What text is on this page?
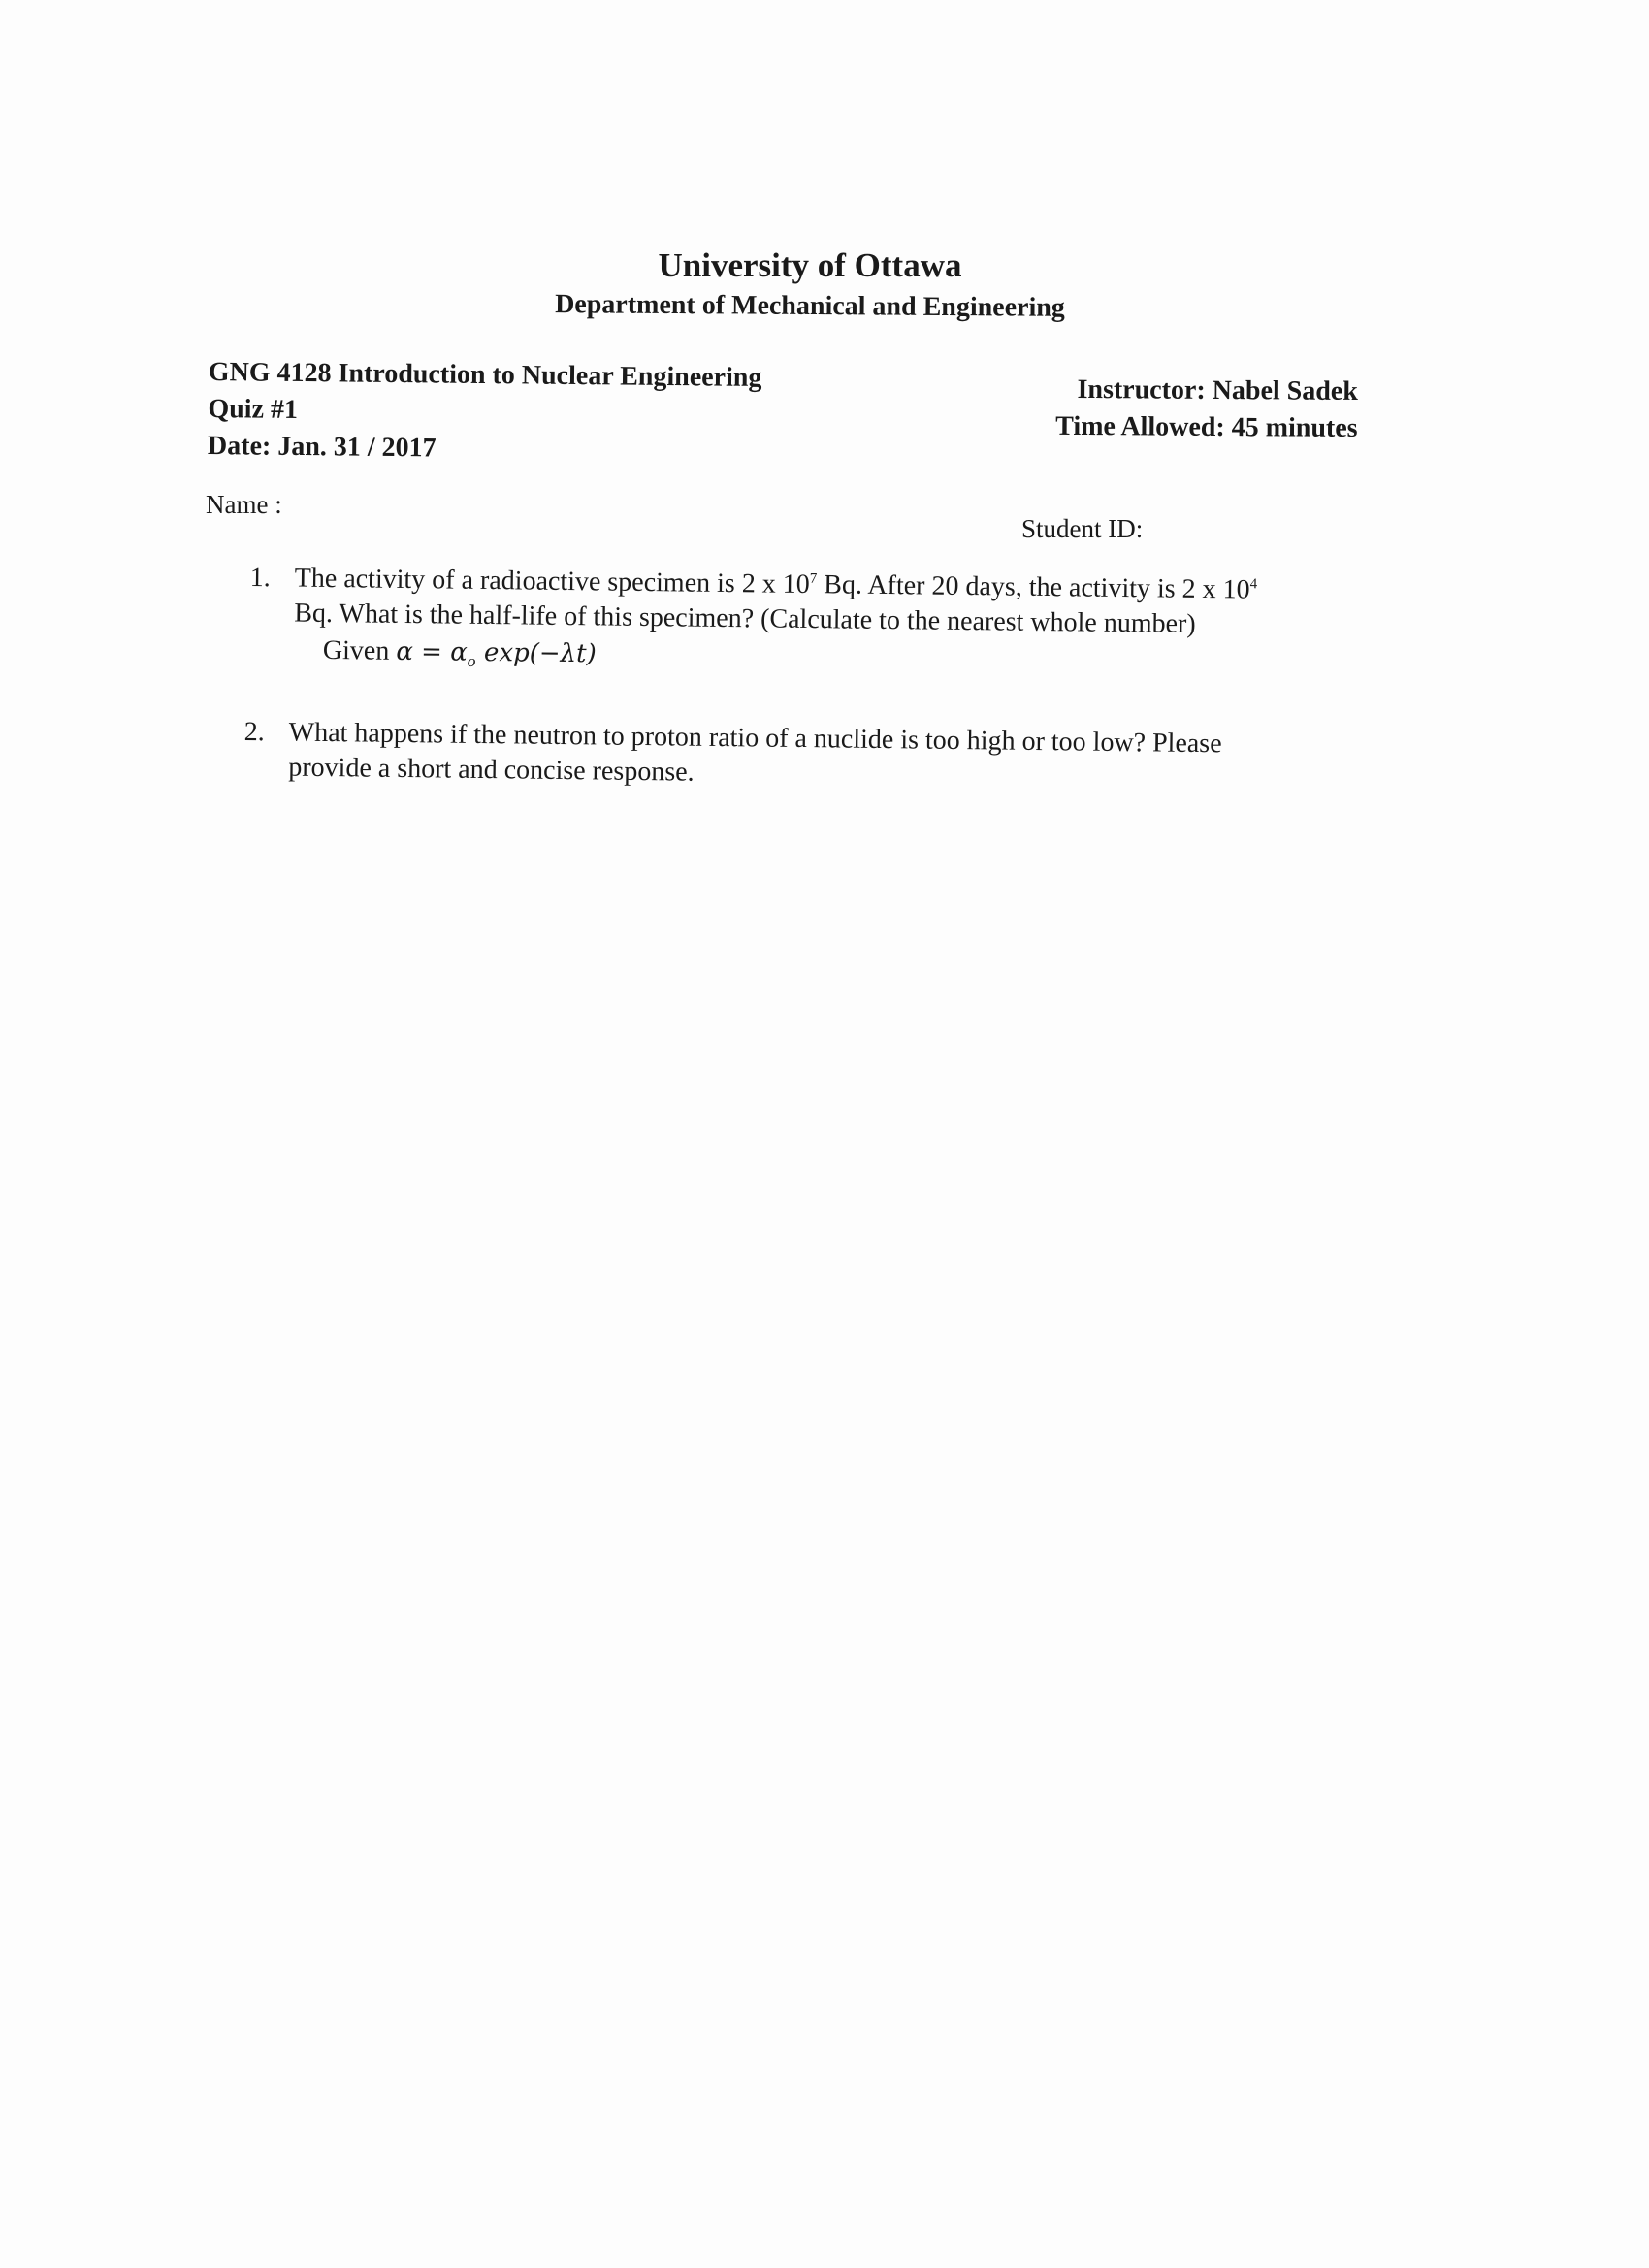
University of Ottawa
Department of Mechanical and Engineering
GNG 4128 Introduction to Nuclear Engineering
Quiz #1
Date: Jan. 31 / 2017
Instructor: Nabel Sadek
Time Allowed: 45 minutes
Name :
Student ID:
1. The activity of a radioactive specimen is 2 x $10^7$ Bq. After 20 days, the activity is 2 x $10^4$
Bq. What is the half-life of this specimen? (Calculate to the nearest whole number)
Given $\alpha = \alpha_o$ exp(−λt)
2. What happens if the neutron to proton ratio of a nuclide is too high or too low? Please
provide a short and concise response.
